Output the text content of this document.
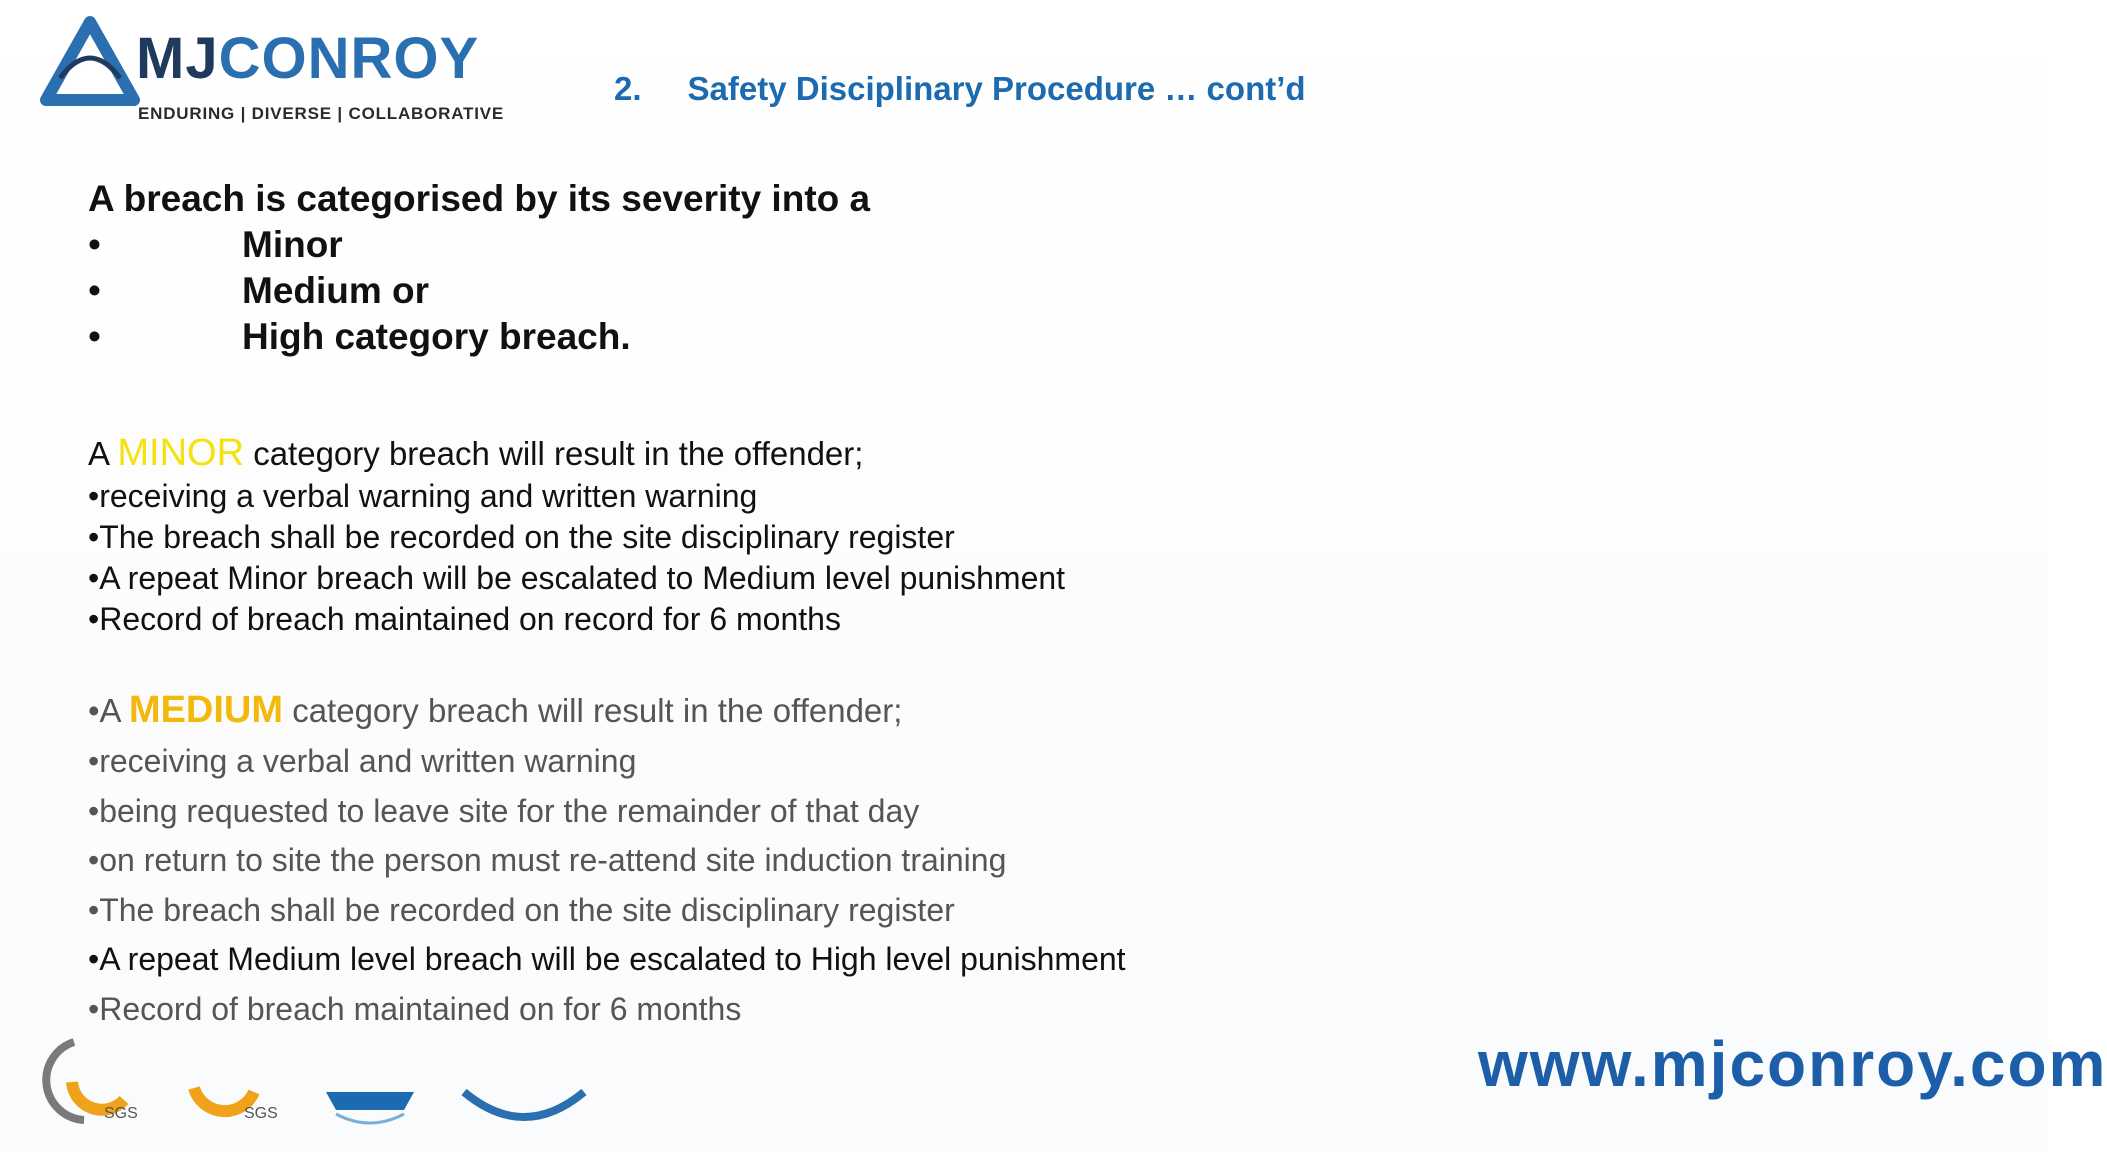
MJCONROY
ENDURING | DIVERSE | COLLABORATIVE
2. Safety Disciplinary Procedure … cont’d

A breach is categorised by its severity into a

•	Minor
•	Medium or
•	High category breach.
A MINOR category breach will result in the offender;
•receiving a verbal warning and written warning
•The breach shall be recorded on the site disciplinary register
•A repeat Minor breach will be escalated to Medium level punishment
•Record of breach maintained on record for 6 months
•A MEDIUM category breach will result in the offender;
•receiving a verbal and written warning
•being requested to leave site for the remainder of that day
•on return to site the person must re-attend site induction training
•The breach shall be recorded on the site disciplinary register
•A repeat Medium level breach will be escalated to High level punishment
•Record of breach maintained on for 6 months
SGS	SGS
www.mjconroy.com
